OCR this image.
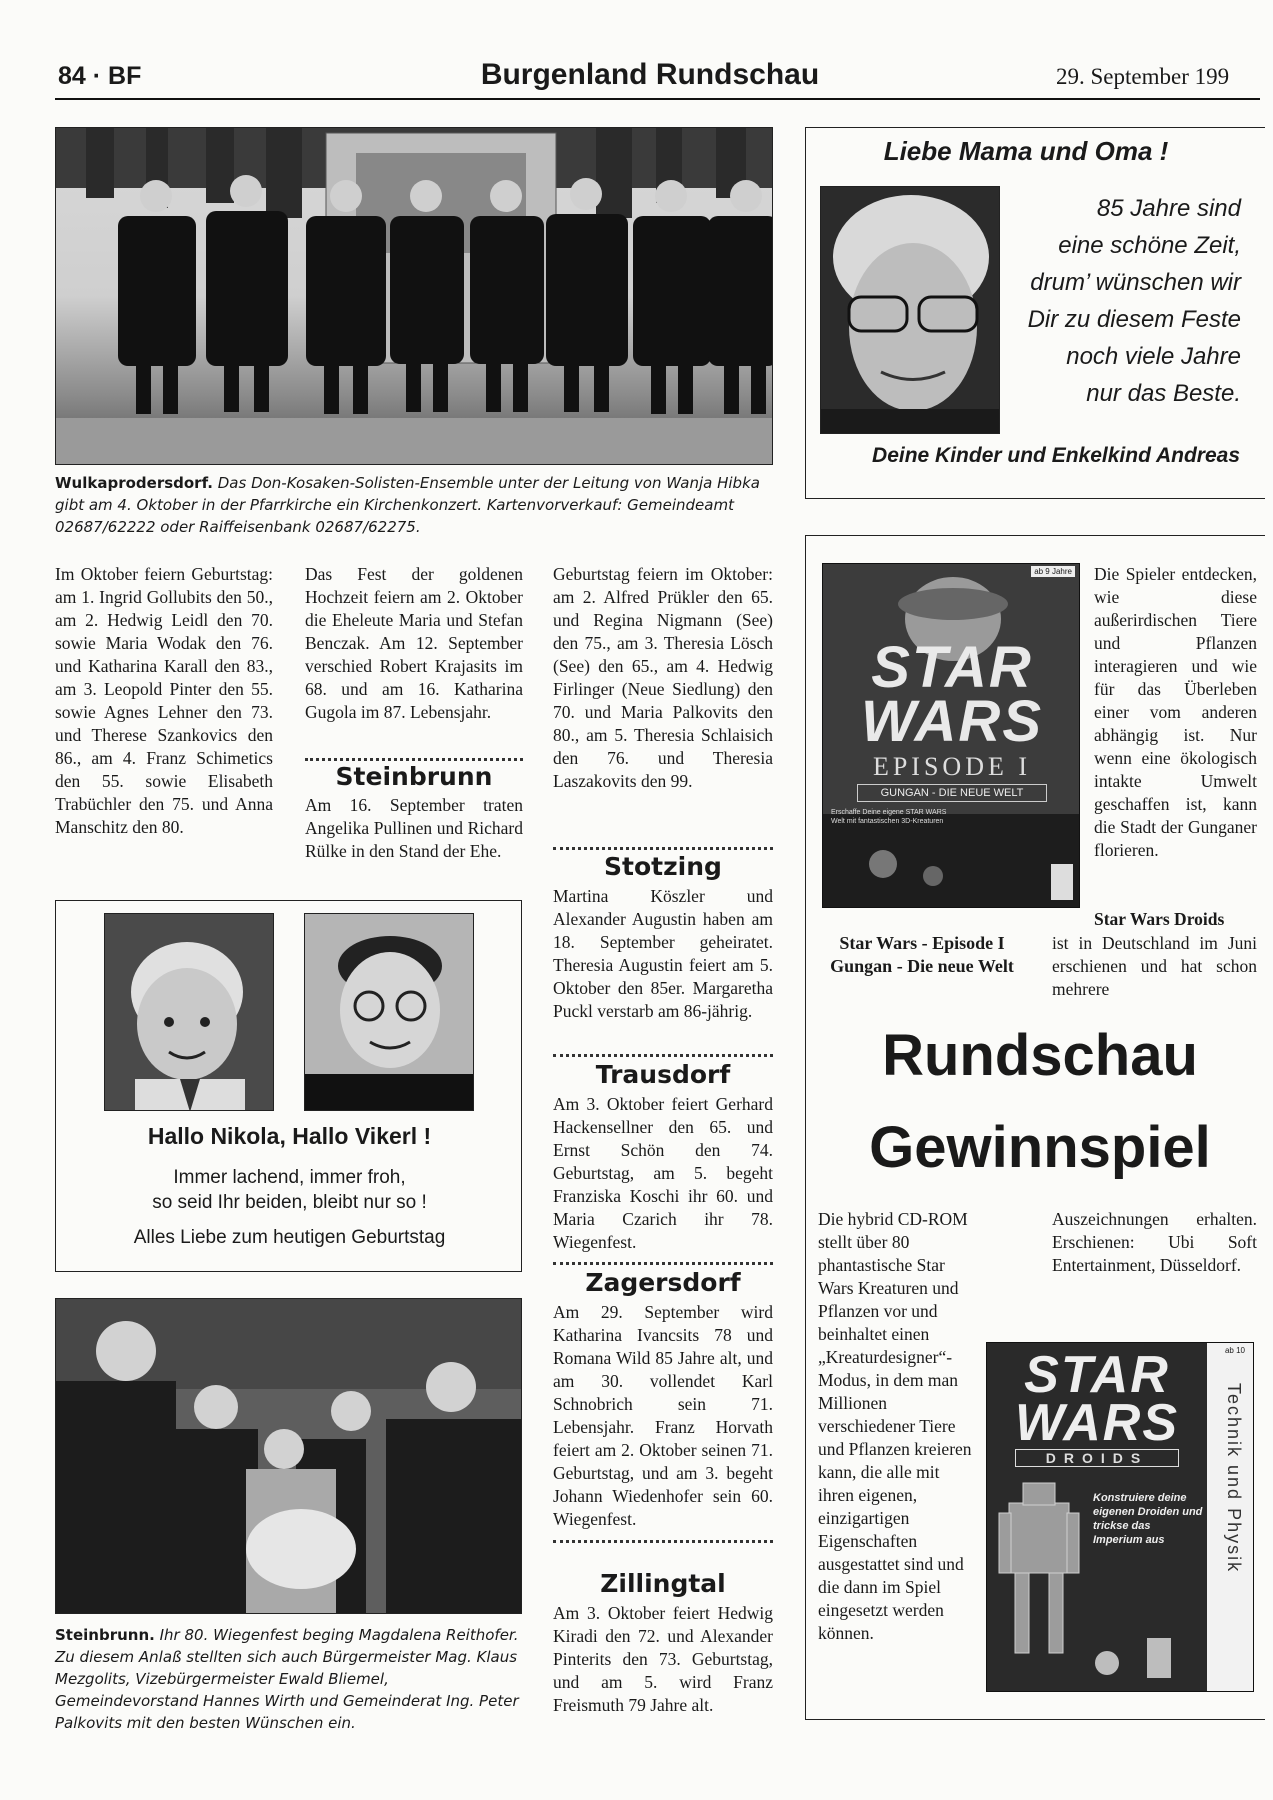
84 · BF	Burgenland Rundschau	29. September 199
Wulkaprodersdorf. Das Don-Kosaken-Solisten-Ensemble unter der Leitung von Wanja Hibka gibt am 4. Oktober in der Pfarrkirche ein Kirchenkonzert. Kartenvorverkauf: Gemeindeamt 02687/62222 oder Raiffeisenbank 02687/62275.
Liebe Mama und Oma !
85 Jahre sind
eine schöne Zeit,
drum’ wünschen wir
Dir zu diesem Feste
noch viele Jahre
nur das Beste.
Deine Kinder und Enkelkind Andreas
Im Oktober feiern Geburtstag: am 1. Ingrid Gollubits den 50., am 2. Hedwig Leidl den 70. sowie Maria Wodak den 76. und Katharina Karall den 83., am 3. Leopold Pinter den 55. sowie Agnes Lehner den 73. und Therese Szankovics den 86., am 4. Franz Schimetics den 55. sowie Elisabeth Trabüchler den 75. und Anna Manschitz den 80.
Das Fest der goldenen Hochzeit feiern am 2. Oktober die Eheleute Maria und Stefan Benczak. Am 12. September verschied Robert Krajasits im 68. und am 16. Katharina Gugola im 87. Lebensjahr.
Steinbrunn
Am 16. September traten Angelika Pullinen und Richard Rülke in den Stand der Ehe.
Geburtstag feiern im Oktober: am 2. Alfred Prükler den 65. und Regina Nigmann (See) den 75., am 3. Theresia Lösch (See) den 65., am 4. Hedwig Firlinger (Neue Siedlung) den 70. und Maria Palkovits den 80., am 5. Theresia Schlaisich den 76. und Theresia Laszakovits den 99.
Stotzing
Martina Köszler und Alexander Augustin haben am 18. September geheiratet. Theresia Augustin feiert am 5. Oktober den 85er. Margaretha Puckl verstarb am 86-jährig.
Trausdorf
Am 3. Oktober feiert Gerhard Hackensellner den 65. und Ernst Schön den 74. Geburtstag, am 5. begeht Franziska Koschi ihr 60. und Maria Czarich ihr 78. Wiegenfest.
Zagersdorf
Am 29. September wird Katharina Ivancsits 78 und Romana Wild 85 Jahre alt, und am 30. vollendet Karl Schnobrich sein 71. Lebensjahr. Franz Horvath feiert am 2. Oktober seinen 71. Geburtstag, und am 3. begeht Johann Wiedenhofer sein 60. Wiegenfest.
Zillingtal
Am 3. Oktober feiert Hedwig Kiradi den 72. und Alexander Pinterits den 73. Geburtstag, und am 5. wird Franz Freismuth 79 Jahre alt.
Hallo Nikola, Hallo Vikerl !
Immer lachend, immer froh,
so seid Ihr beiden, bleibt nur so !
Alles Liebe zum heutigen Geburtstag
Steinbrunn. Ihr 80. Wiegenfest beging Magdalena Reithofer. Zu diesem Anlaß stellten sich auch Bürgermeister Mag. Klaus Mezgolits, Vizebürgermeister Ewald Bliemel, Gemeindevorstand Hannes Wirth und Gemeinderat Ing. Peter Palkovits mit den besten Wünschen ein.
ab 9 Jahre
STAR
WARS
EPISODE I
GUNGAN - DIE NEUE WELT
Erschaffe Deine eigene STAR WARS Welt mit fantastischen 3D-Kreaturen
Star Wars - Episode I Gungan - Die neue Welt
Die Spieler entdecken, wie diese außerirdischen Tiere und Pflanzen interagieren und wie für das Überleben einer vom anderen abhängig ist. Nur wenn eine ökologisch intakte Umwelt geschaffen ist, kann die Stadt der Gunganer florieren.
Star Wars Droids
ist in Deutschland im Juni erschienen und hat schon mehrere
Rundschau
Gewinnspiel
Die hybrid CD-ROM stellt über 80 phantastische Star Wars Kreaturen und Pflanzen vor und beinhaltet einen „Kreaturdesigner“-Modus, in dem man Millionen verschiedener Tiere und Pflanzen kreieren kann, die alle mit ihren eigenen, einzigartigen Eigenschaften ausgestattet sind und die dann im Spiel eingesetzt werden können.
Auszeichnungen erhalten. Erschienen: Ubi Soft Entertainment, Düsseldorf.
ab 10
STAR
WARS
DROIDS
Konstruiere deine eigenen Droiden und trickse das Imperium aus	Technik und Physik
